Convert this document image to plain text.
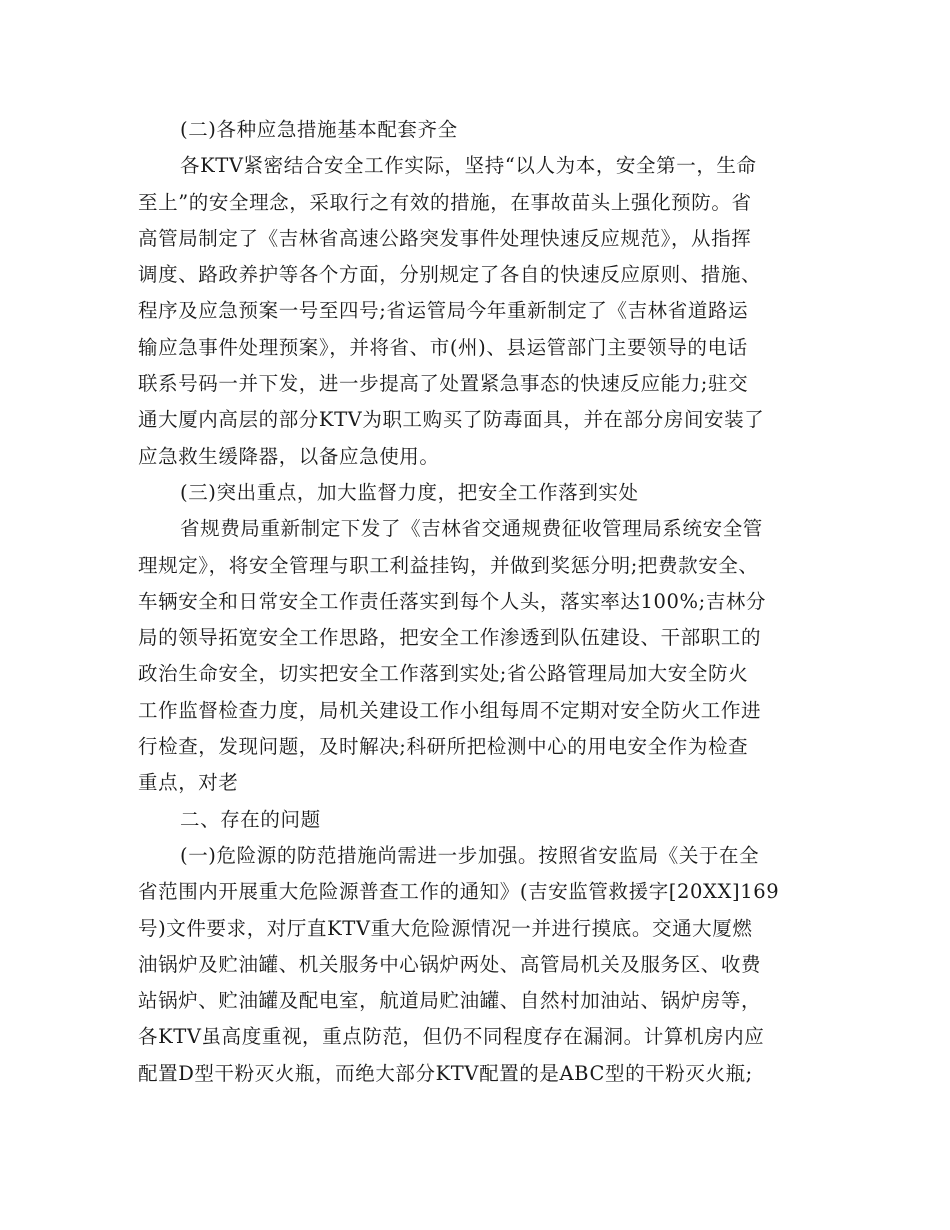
(二)各种应急措施基本配套齐全
各KTV紧密结合安全工作实际，坚持“以人为本，安全第一，生命
至上”的安全理念，采取行之有效的措施，在事故苗头上强化预防。省
高管局制定了《吉林省高速公路突发事件处理快速反应规范》，从指挥
调度、路政养护等各个方面，分别规定了各自的快速反应原则、措施、
程序及应急预案一号至四号;省运管局今年重新制定了《吉林省道路运
输应急事件处理预案》，并将省、市(州)、县运管部门主要领导的电话
联系号码一并下发，进一步提高了处置紧急事态的快速反应能力;驻交
通大厦内高层的部分KTV为职工购买了防毒面具，并在部分房间安装了
应急救生缓降器，以备应急使用。
(三)突出重点，加大监督力度，把安全工作落到实处
省规费局重新制定下发了《吉林省交通规费征收管理局系统安全管
理规定》，将安全管理与职工利益挂钩，并做到奖惩分明;把费款安全、
车辆安全和日常安全工作责任落实到每个人头，落实率达100%;吉林分
局的领导拓宽安全工作思路，把安全工作渗透到队伍建设、干部职工的
政治生命安全，切实把安全工作落到实处;省公路管理局加大安全防火
工作监督检查力度，局机关建设工作小组每周不定期对安全防火工作进
行检查，发现问题，及时解决;科研所把检测中心的用电安全作为检查
重点，对老
二、存在的问题
(一)危险源的防范措施尚需进一步加强。按照省安监局《关于在全
省范围内开展重大危险源普查工作的通知》(吉安监管救援字[20XX]169
号)文件要求，对厅直KTV重大危险源情况一并进行摸底。交通大厦燃
油锅炉及贮油罐、机关服务中心锅炉两处、高管局机关及服务区、收费
站锅炉、贮油罐及配电室，航道局贮油罐、自然村加油站、锅炉房等，
各KTV虽高度重视，重点防范，但仍不同程度存在漏洞。计算机房内应
配置D型干粉灭火瓶，而绝大部分KTV配置的是ABC型的干粉灭火瓶;
